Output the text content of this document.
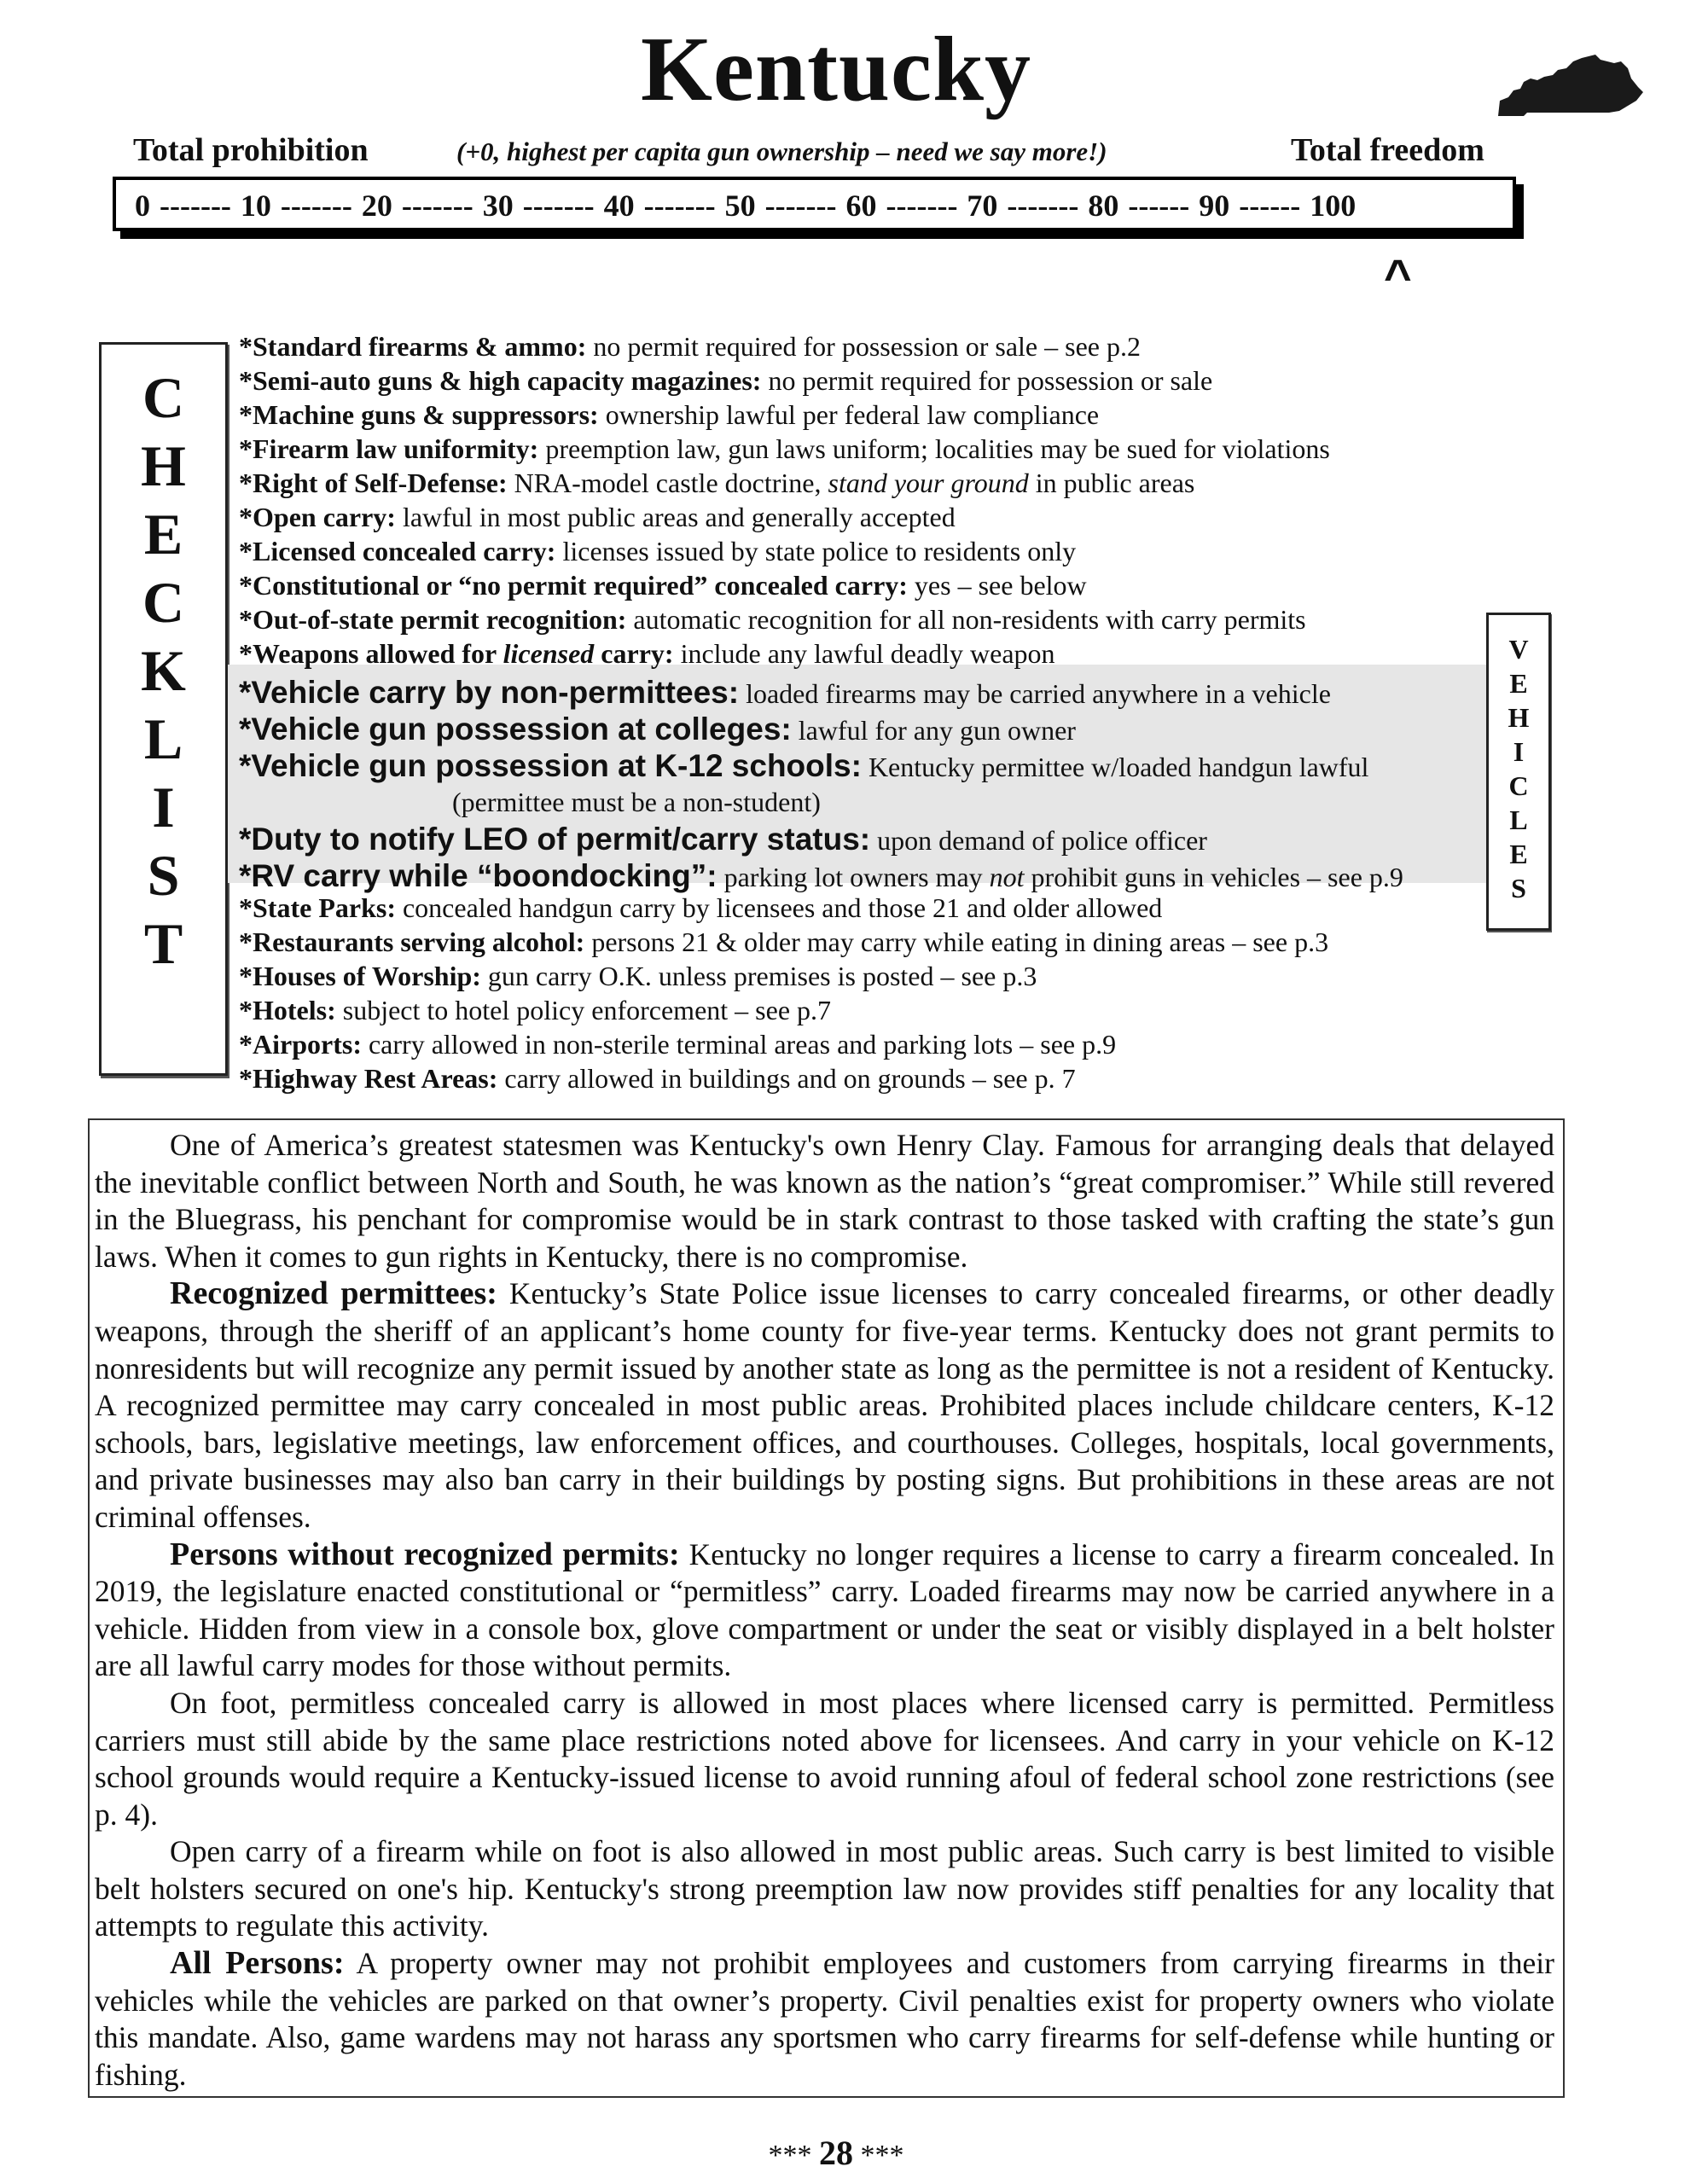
Kentucky
Total prohibition	(+0, highest per capita gun ownership – need we say more!)	Total freedom
0 ------- 10 ------- 20 ------- 30 ------- 40 ------- 50 ------- 60 ------- 70 ------- 80 ------ 90 ------ 100
^
C
H
E
C
K
L
I
S
T
V
E
H
I
C
L
E
S
*Standard firearms & ammo: no permit required for possession or sale – see p.2
*Semi-auto guns & high capacity magazines: no permit required for possession or sale
*Machine guns & suppressors: ownership lawful per federal law compliance
*Firearm law uniformity: preemption law, gun laws uniform; localities may be sued for violations
*Right of Self-Defense: NRA-model castle doctrine, stand your ground in public areas
*Open carry: lawful in most public areas and generally accepted
*Licensed concealed carry: licenses issued by state police to residents only
*Constitutional or “no permit required” concealed carry: yes – see below
*Out-of-state permit recognition: automatic recognition for all non-residents with carry permits
*Weapons allowed for licensed carry: include any lawful deadly weapon
*Vehicle carry by non-permittees: loaded firearms may be carried anywhere in a vehicle
*Vehicle gun possession at colleges: lawful for any gun owner
*Vehicle gun possession at K-12 schools: Kentucky permittee w/loaded handgun lawful
(permittee must be a non-student)
*Duty to notify LEO of permit/carry status: upon demand of police officer
*RV carry while “boondocking”: parking lot owners may not prohibit guns in vehicles – see p.9
*State Parks: concealed handgun carry by licensees and those 21 and older allowed
*Restaurants serving alcohol: persons 21 & older may carry while eating in dining areas – see p.3
*Houses of Worship: gun carry O.K. unless premises is posted – see p.3
*Hotels: subject to hotel policy enforcement – see p.7
*Airports: carry allowed in non-sterile terminal areas and parking lots – see p.9
*Highway Rest Areas: carry allowed in buildings and on grounds – see p. 7

One of America’s greatest statesmen was Kentucky's own Henry Clay. Famous for arranging deals that delayed the inevitable conflict between North and South, he was known as the nation’s “great compromiser.” While still revered in the Bluegrass, his penchant for compromise would be in stark contrast to those tasked with crafting the state’s gun laws. When it comes to gun rights in Kentucky, there is no compromise.

Recognized permittees: Kentucky’s State Police issue licenses to carry concealed firearms, or other deadly weapons, through the sheriff of an applicant’s home county for five-year terms. Kentucky does not grant permits to nonresidents but will recognize any permit issued by another state as long as the permittee is not a resident of Kentucky. A recognized permittee may carry concealed in most public areas. Prohibited places include childcare centers, K-12 schools, bars, legislative meetings, law enforcement offices, and courthouses. Colleges, hospitals, local governments, and private businesses may also ban carry in their buildings by posting signs. But prohibitions in these areas are not criminal offenses.

Persons without recognized permits: Kentucky no longer requires a license to carry a firearm concealed. In 2019, the legislature enacted constitutional or “permitless” carry. Loaded firearms may now be carried anywhere in a vehicle. Hidden from view in a console box, glove compartment or under the seat or visibly displayed in a belt holster are all lawful carry modes for those without permits.

On foot, permitless concealed carry is allowed in most places where licensed carry is permitted. Permitless carriers must still abide by the same place restrictions noted above for licensees. And carry in your vehicle on K-12 school grounds would require a Kentucky-issued license to avoid running afoul of federal school zone restrictions (see p. 4).

Open carry of a firearm while on foot is also allowed in most public areas. Such carry is best limited to visible belt holsters secured on one's hip. Kentucky's strong preemption law now provides stiff penalties for any locality that attempts to regulate this activity.

All Persons: A property owner may not prohibit employees and customers from carrying firearms in their vehicles while the vehicles are parked on that owner’s property. Civil penalties exist for property owners who violate this mandate. Also, game wardens may not harass any sportsmen who carry firearms for self-defense while hunting or fishing.

*** 28 ***
